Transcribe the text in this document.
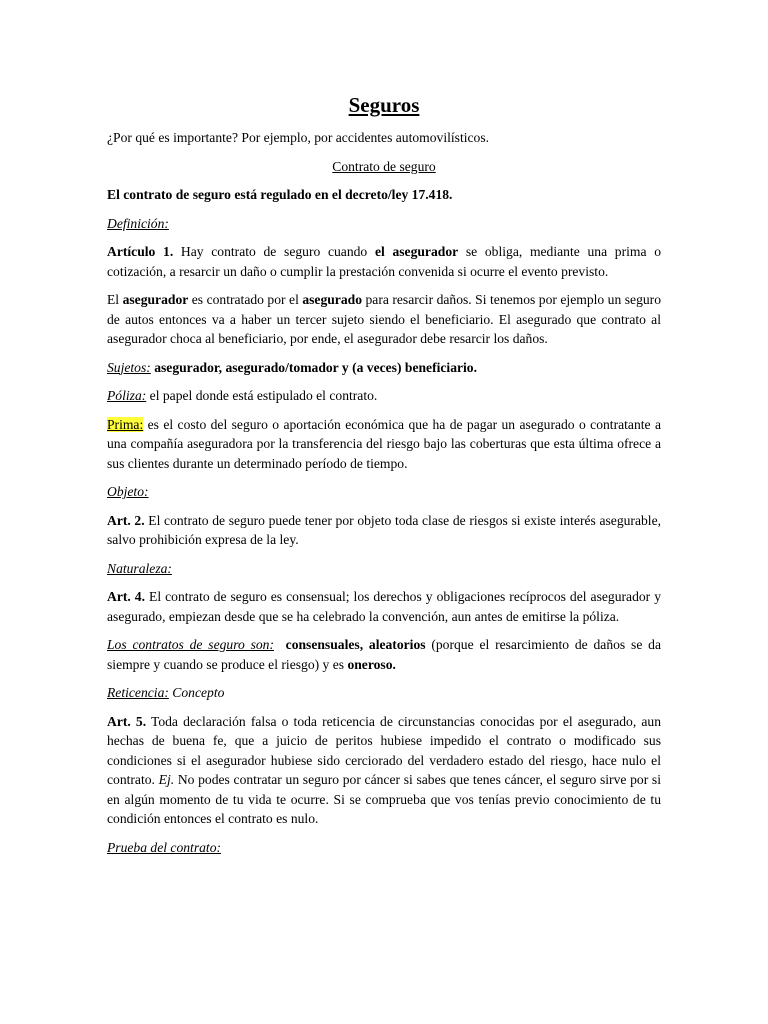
Seguros

¿Por qué es importante? Por ejemplo, por accidentes automovilísticos.

Contrato de seguro

El contrato de seguro está regulado en el decreto/ley 17.418.

Definición:

Artículo 1. Hay contrato de seguro cuando el asegurador se obliga, mediante una prima o cotización, a resarcir un daño o cumplir la prestación convenida si ocurre el evento previsto.

El asegurador es contratado por el asegurado para resarcir daños. Si tenemos por ejemplo un seguro de autos entonces va a haber un tercer sujeto siendo el beneficiario. El asegurado que contrato al asegurador choca al beneficiario, por ende, el asegurador debe resarcir los daños.

Sujetos: asegurador, asegurado/tomador y (a veces) beneficiario.

Póliza: el papel donde está estipulado el contrato.

Prima: es el costo del seguro o aportación económica que ha de pagar un asegurado o contratante a una compañía aseguradora por la transferencia del riesgo bajo las coberturas que esta última ofrece a sus clientes durante un determinado período de tiempo.

Objeto:

Art. 2. El contrato de seguro puede tener por objeto toda clase de riesgos si existe interés asegurable, salvo prohibición expresa de la ley.

Naturaleza:

Art. 4. El contrato de seguro es consensual; los derechos y obligaciones recíprocos del asegurador y asegurado, empiezan desde que se ha celebrado la convención, aun antes de emitirse la póliza.

Los contratos de seguro son: consensuales, aleatorios (porque el resarcimiento de daños se da siempre y cuando se produce el riesgo) y es oneroso.

Reticencia: Concepto

Art. 5. Toda declaración falsa o toda reticencia de circunstancias conocidas por el asegurado, aun hechas de buena fe, que a juicio de peritos hubiese impedido el contrato o modificado sus condiciones si el asegurador hubiese sido cerciorado del verdadero estado del riesgo, hace nulo el contrato. Ej. No podes contratar un seguro por cáncer si sabes que tenes cáncer, el seguro sirve por si en algún momento de tu vida te ocurre. Si se comprueba que vos tenías previo conocimiento de tu condición entonces el contrato es nulo.

Prueba del contrato:
